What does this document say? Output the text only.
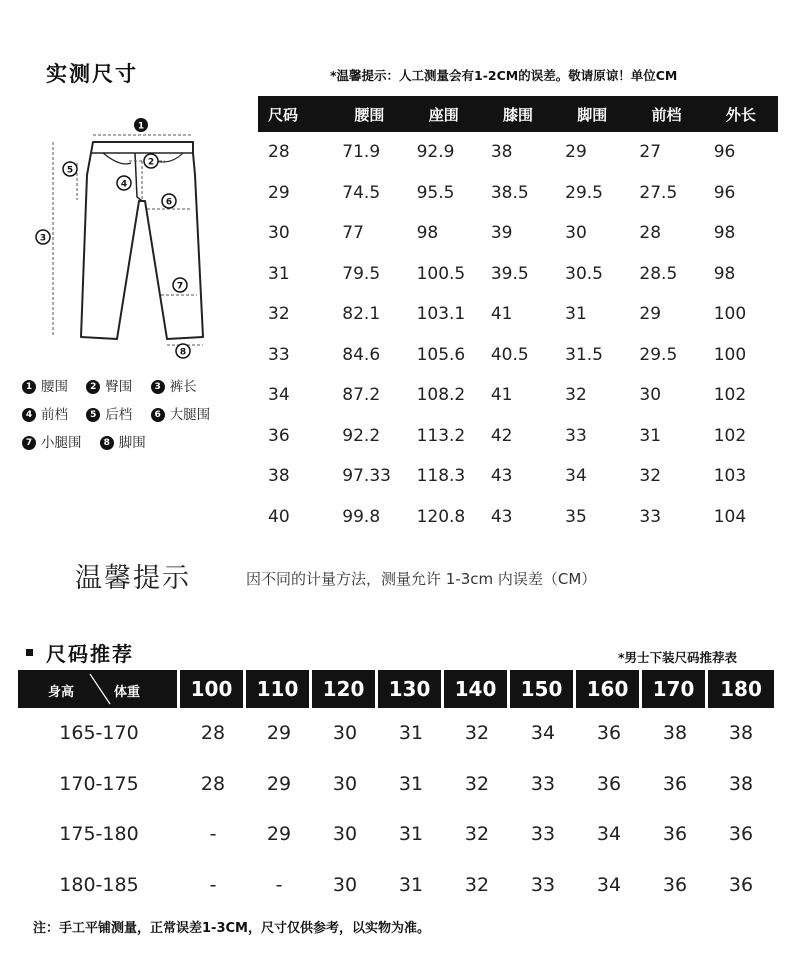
实测尺寸	*温馨提示：人工测量会有1-2CM的误差。敬请原谅！单位CM
1
2
5
4
6
3
7
8
1 腰围 2 臀围 3 裤长
4 前档 5 后档 6 大腿围
7 小腿围 8 脚围
尺码	腰围	座围	膝围	脚围	前档	外长
28	71.9	92.9	38	29	27	96
29	74.5	95.5	38.5	29.5	27.5	96
30	77	98	39	30	28	98
31	79.5	100.5	39.5	30.5	28.5	98
32	82.1	103.1	41	31	29	100
33	84.6	105.6	40.5	31.5	29.5	100
34	87.2	108.2	41	32	30	102
36	92.2	113.2	42	33	31	102
38	97.33	118.3	43	34	32	103
40	99.8	120.8	43	35	33	104
温馨提示	因不同的计量方法，测量允许 1-3cm 内误差（CM）
尺码推荐	*男士下装尺码推荐表
身高 体重	100	110	120	130	140	150	160	170	180
165-170	28	29	30	31	32	34	36	38	38
170-175	28	29	30	31	32	33	36	36	38
175-180	-	29	30	31	32	33	34	36	36
180-185	-	-	30	31	32	33	34	36	36
注：手工平铺测量，正常误差1-3CM，尺寸仅供参考，以实物为准。
